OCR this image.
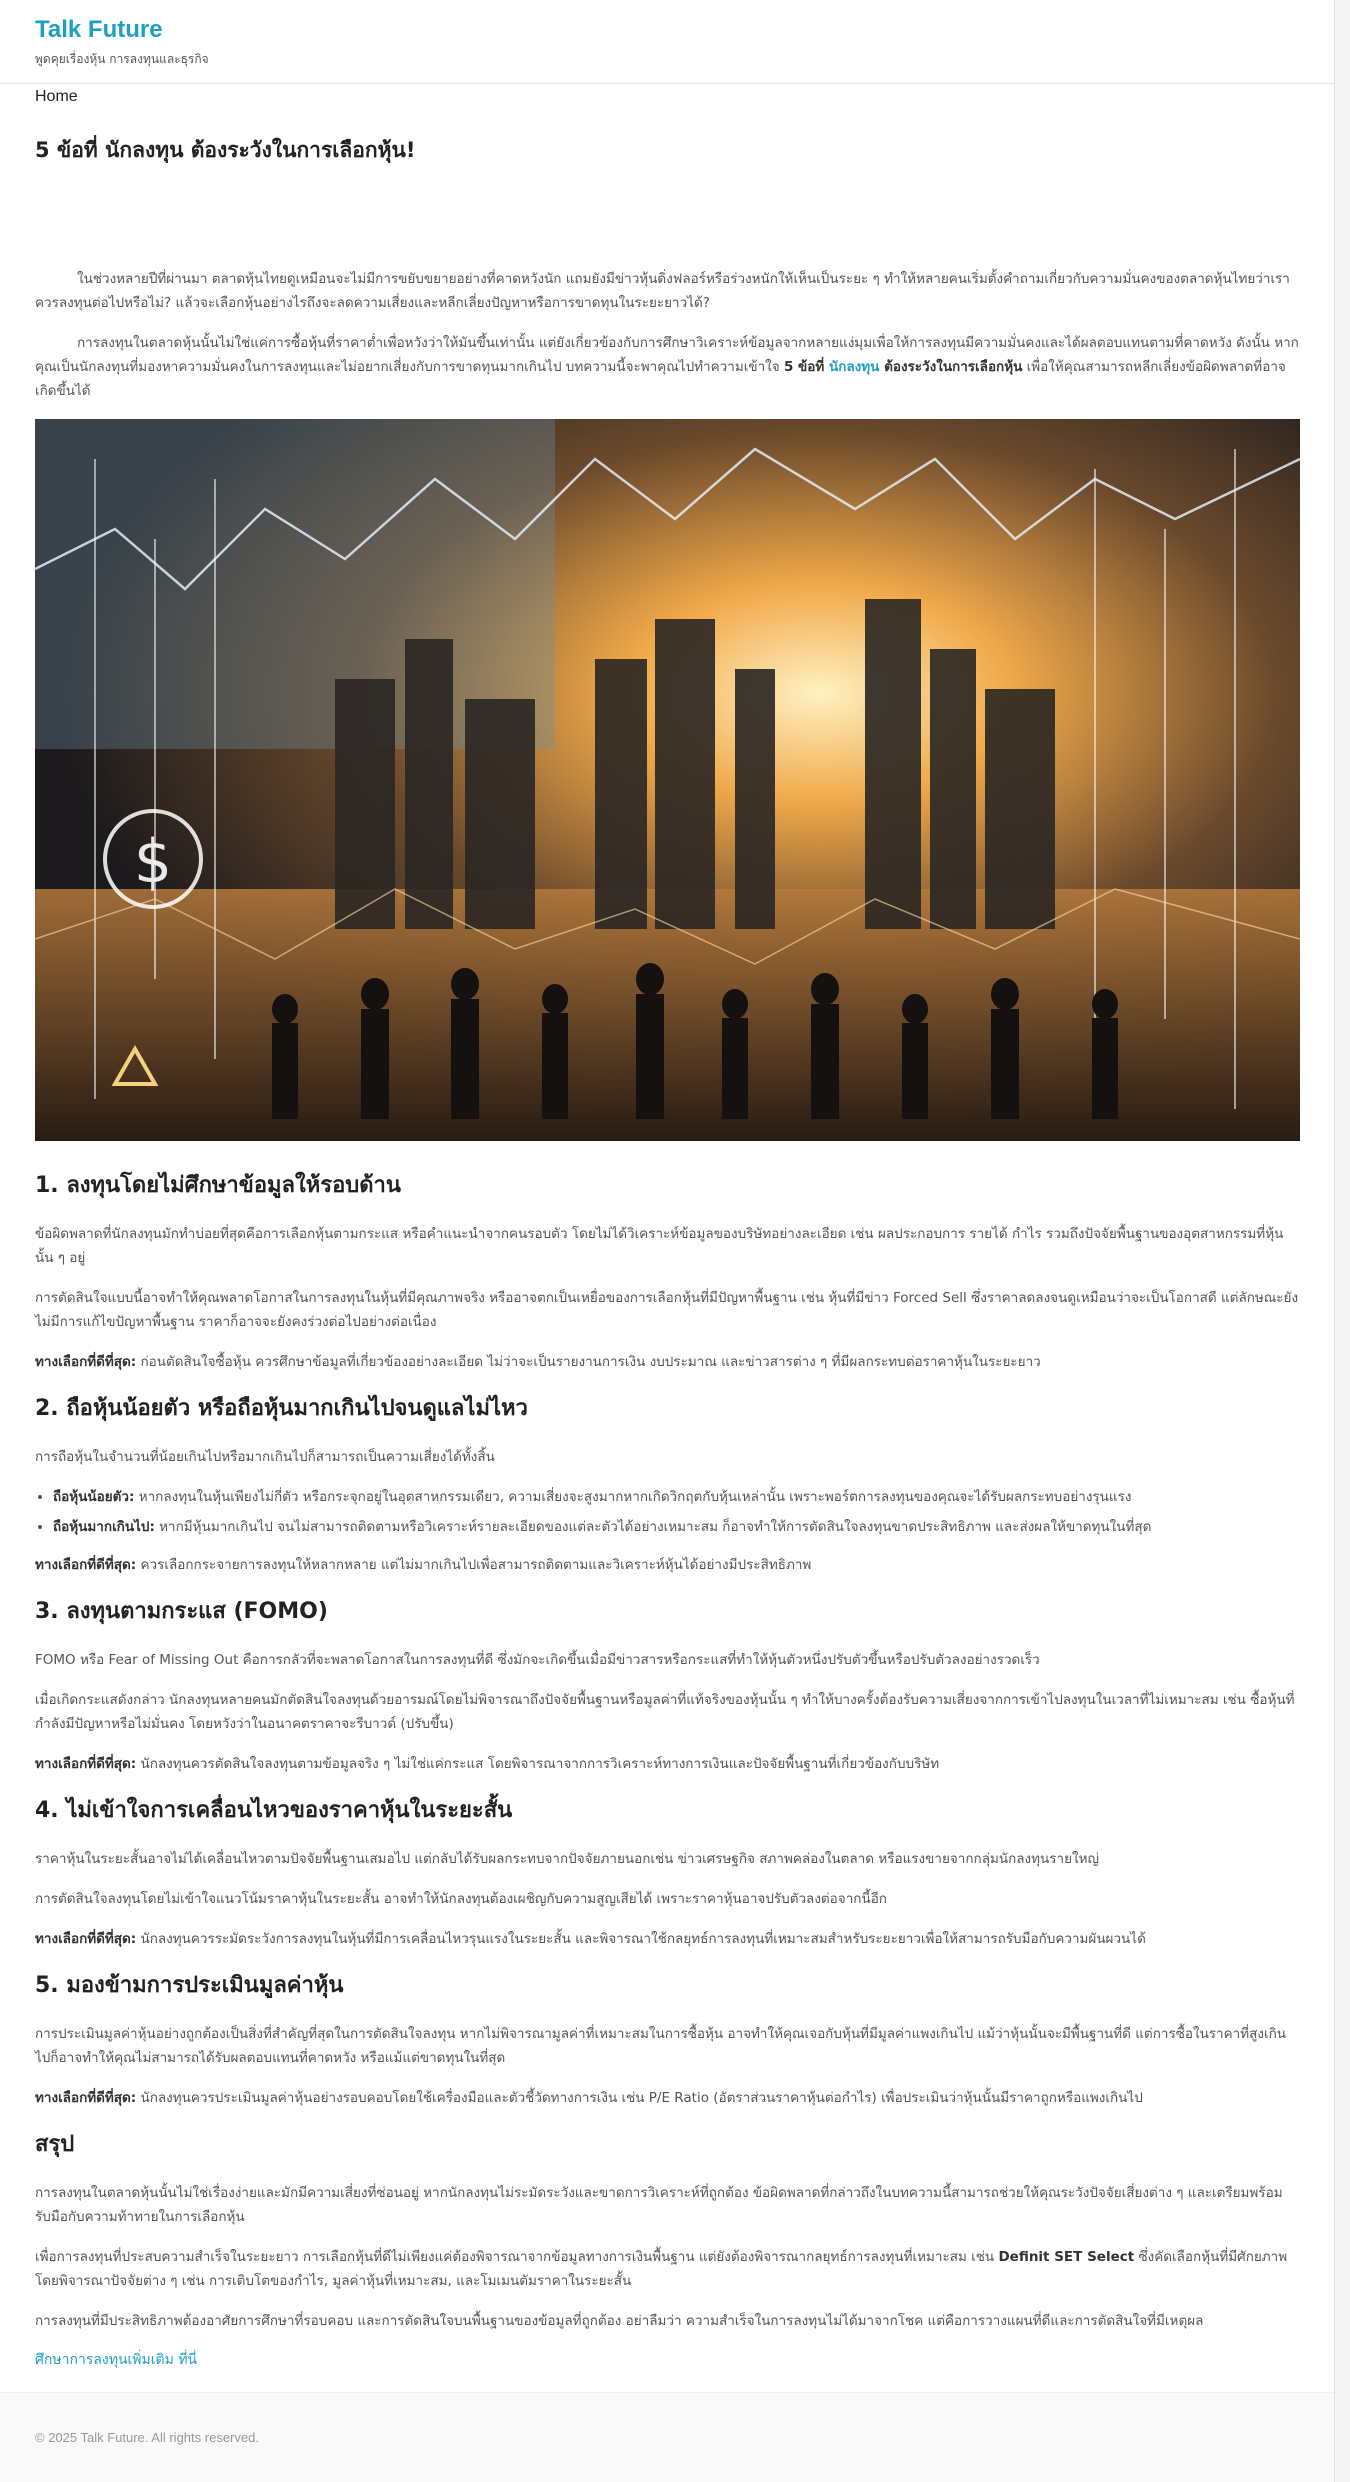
Talk Future
พูดคุยเรื่องหุ้น การลงทุนและธุรกิจ
Home
5 ข้อที่ นักลงทุน ต้องระวังในการเลือกหุ้น!

ในช่วงหลายปีที่ผ่านมา ตลาดหุ้นไทยดูเหมือนจะไม่มีการขยับขยายอย่างที่คาดหวังนัก แถมยังมีข่าวหุ้นดิ่งฟลอร์หรือร่วงหนักให้เห็นเป็นระยะ ๆ ทำให้หลายคนเริ่มตั้งคำถามเกี่ยวกับความมั่นคงของตลาดหุ้นไทยว่าเราควรลงทุนต่อไปหรือไม่? แล้วจะเลือกหุ้นอย่างไรถึงจะลดความเสี่ยงและหลีกเลี่ยงปัญหาหรือการขาดทุนในระยะยาวได้?

การลงทุนในตลาดหุ้นนั้นไม่ใช่แค่การซื้อหุ้นที่ราคาต่ำเพื่อหวังว่าให้มันขึ้นเท่านั้น แต่ยังเกี่ยวข้องกับการศึกษาวิเคราะห์ข้อมูลจากหลายแง่มุมเพื่อให้การลงทุนมีความมั่นคงและได้ผลตอบแทนตามที่คาดหวัง ดังนั้น หากคุณเป็นนักลงทุนที่มองหาความมั่นคงในการลงทุนและไม่อยากเสี่ยงกับการขาดทุนมากเกินไป บทความนี้จะพาคุณไปทำความเข้าใจ 5 ข้อที่ นักลงทุน ต้องระวังในการเลือกหุ้น เพื่อให้คุณสามารถหลีกเลี่ยงข้อผิดพลาดที่อาจเกิดขึ้นได้

$
1. ลงทุนโดยไม่ศึกษาข้อมูลให้รอบด้าน

ข้อผิดพลาดที่นักลงทุนมักทำบ่อยที่สุดคือการเลือกหุ้นตามกระแส หรือคำแนะนำจากคนรอบตัว โดยไม่ได้วิเคราะห์ข้อมูลของบริษัทอย่างละเอียด เช่น ผลประกอบการ รายได้ กำไร รวมถึงปัจจัยพื้นฐานของอุตสาหกรรมที่หุ้นนั้น ๆ อยู่

การตัดสินใจแบบนี้อาจทำให้คุณพลาดโอกาสในการลงทุนในหุ้นที่มีคุณภาพจริง หรืออาจตกเป็นเหยื่อของการเลือกหุ้นที่มีปัญหาพื้นฐาน เช่น หุ้นที่มีข่าว Forced Sell ซึ่งราคาลดลงจนดูเหมือนว่าจะเป็นโอกาสดี แต่ลักษณะยังไม่มีการแก้ไขปัญหาพื้นฐาน ราคาก็อาจจะยังคงร่วงต่อไปอย่างต่อเนื่อง

ทางเลือกที่ดีที่สุด: ก่อนตัดสินใจซื้อหุ้น ควรศึกษาข้อมูลที่เกี่ยวข้องอย่างละเอียด ไม่ว่าจะเป็นรายงานการเงิน งบประมาณ และข่าวสารต่าง ๆ ที่มีผลกระทบต่อราคาหุ้นในระยะยาว

2. ถือหุ้นน้อยตัว หรือถือหุ้นมากเกินไปจนดูแลไม่ไหว

การถือหุ้นในจำนวนที่น้อยเกินไปหรือมากเกินไปก็สามารถเป็นความเสี่ยงได้ทั้งสิ้น

• ถือหุ้นน้อยตัว: หากลงทุนในหุ้นเพียงไม่กี่ตัว หรือกระจุกอยู่ในอุตสาหกรรมเดียว, ความเสี่ยงจะสูงมากหากเกิดวิกฤตกับหุ้นเหล่านั้น เพราะพอร์ตการลงทุนของคุณจะได้รับผลกระทบอย่างรุนแรง
• ถือหุ้นมากเกินไป: หากมีหุ้นมากเกินไป จนไม่สามารถติดตามหรือวิเคราะห์รายละเอียดของแต่ละตัวได้อย่างเหมาะสม ก็อาจทำให้การตัดสินใจลงทุนขาดประสิทธิภาพ และส่งผลให้ขาดทุนในที่สุด

ทางเลือกที่ดีที่สุด: ควรเลือกกระจายการลงทุนให้หลากหลาย แต่ไม่มากเกินไปเพื่อสามารถติดตามและวิเคราะห์หุ้นได้อย่างมีประสิทธิภาพ

3. ลงทุนตามกระแส (FOMO)

FOMO หรือ Fear of Missing Out คือการกลัวที่จะพลาดโอกาสในการลงทุนที่ดี ซึ่งมักจะเกิดขึ้นเมื่อมีข่าวสารหรือกระแสที่ทำให้หุ้นตัวหนึ่งปรับตัวขึ้นหรือปรับตัวลงอย่างรวดเร็ว

เมื่อเกิดกระแสดังกล่าว นักลงทุนหลายคนมักตัดสินใจลงทุนด้วยอารมณ์โดยไม่พิจารณาถึงปัจจัยพื้นฐานหรือมูลค่าที่แท้จริงของหุ้นนั้น ๆ ทำให้บางครั้งต้องรับความเสี่ยงจากการเข้าไปลงทุนในเวลาที่ไม่เหมาะสม เช่น ซื้อหุ้นที่กำลังมีปัญหาหรือไม่มั่นคง โดยหวังว่าในอนาคตราคาจะรีบาวด์ (ปรับขึ้น)

ทางเลือกที่ดีที่สุด: นักลงทุนควรตัดสินใจลงทุนตามข้อมูลจริง ๆ ไม่ใช่แค่กระแส โดยพิจารณาจากการวิเคราะห์ทางการเงินและปัจจัยพื้นฐานที่เกี่ยวข้องกับบริษัท

4. ไม่เข้าใจการเคลื่อนไหวของราคาหุ้นในระยะสั้น

ราคาหุ้นในระยะสั้นอาจไม่ได้เคลื่อนไหวตามปัจจัยพื้นฐานเสมอไป แต่กลับได้รับผลกระทบจากปัจจัยภายนอกเช่น ข่าวเศรษฐกิจ สภาพคล่องในตลาด หรือแรงขายจากกลุ่มนักลงทุนรายใหญ่

การตัดสินใจลงทุนโดยไม่เข้าใจแนวโน้มราคาหุ้นในระยะสั้น อาจทำให้นักลงทุนต้องเผชิญกับความสูญเสียได้ เพราะราคาหุ้นอาจปรับตัวลงต่อจากนี้อีก

ทางเลือกที่ดีที่สุด: นักลงทุนควรระมัดระวังการลงทุนในหุ้นที่มีการเคลื่อนไหวรุนแรงในระยะสั้น และพิจารณาใช้กลยุทธ์การลงทุนที่เหมาะสมสำหรับระยะยาวเพื่อให้สามารถรับมือกับความผันผวนได้

5. มองข้ามการประเมินมูลค่าหุ้น

การประเมินมูลค่าหุ้นอย่างถูกต้องเป็นสิ่งที่สำคัญที่สุดในการตัดสินใจลงทุน หากไม่พิจารณามูลค่าที่เหมาะสมในการซื้อหุ้น อาจทำให้คุณเจอกับหุ้นที่มีมูลค่าแพงเกินไป แม้ว่าหุ้นนั้นจะมีพื้นฐานที่ดี แต่การซื้อในราคาที่สูงเกินไปก็อาจทำให้คุณไม่สามารถได้รับผลตอบแทนที่คาดหวัง หรือแม้แต่ขาดทุนในที่สุด

ทางเลือกที่ดีที่สุด: นักลงทุนควรประเมินมูลค่าหุ้นอย่างรอบคอบโดยใช้เครื่องมือและตัวชี้วัดทางการเงิน เช่น P/E Ratio (อัตราส่วนราคาหุ้นต่อกำไร) เพื่อประเมินว่าหุ้นนั้นมีราคาถูกหรือแพงเกินไป

สรุป

การลงทุนในตลาดหุ้นนั้นไม่ใช่เรื่องง่ายและมักมีความเสี่ยงที่ซ่อนอยู่ หากนักลงทุนไม่ระมัดระวังและขาดการวิเคราะห์ที่ถูกต้อง ข้อผิดพลาดที่กล่าวถึงในบทความนี้สามารถช่วยให้คุณระวังปัจจัยเสี่ยงต่าง ๆ และเตรียมพร้อมรับมือกับความท้าทายในการเลือกหุ้น

เพื่อการลงทุนที่ประสบความสำเร็จในระยะยาว การเลือกหุ้นที่ดีไม่เพียงแค่ต้องพิจารณาจากข้อมูลทางการเงินพื้นฐาน แต่ยังต้องพิจารณากลยุทธ์การลงทุนที่เหมาะสม เช่น Definit SET Select ซึ่งคัดเลือกหุ้นที่มีศักยภาพโดยพิจารณาปัจจัยต่าง ๆ เช่น การเติบโตของกำไร, มูลค่าหุ้นที่เหมาะสม, และโมเมนตัมราคาในระยะสั้น

การลงทุนที่มีประสิทธิภาพต้องอาศัยการศึกษาที่รอบคอบ และการตัดสินใจบนพื้นฐานของข้อมูลที่ถูกต้อง อย่าลืมว่า ความสำเร็จในการลงทุนไม่ได้มาจากโชค แต่คือการวางแผนที่ดีและการตัดสินใจที่มีเหตุผล

ศึกษาการลงทุนเพิ่มเติม ที่นี่
© 2025 Talk Future. All rights reserved.
